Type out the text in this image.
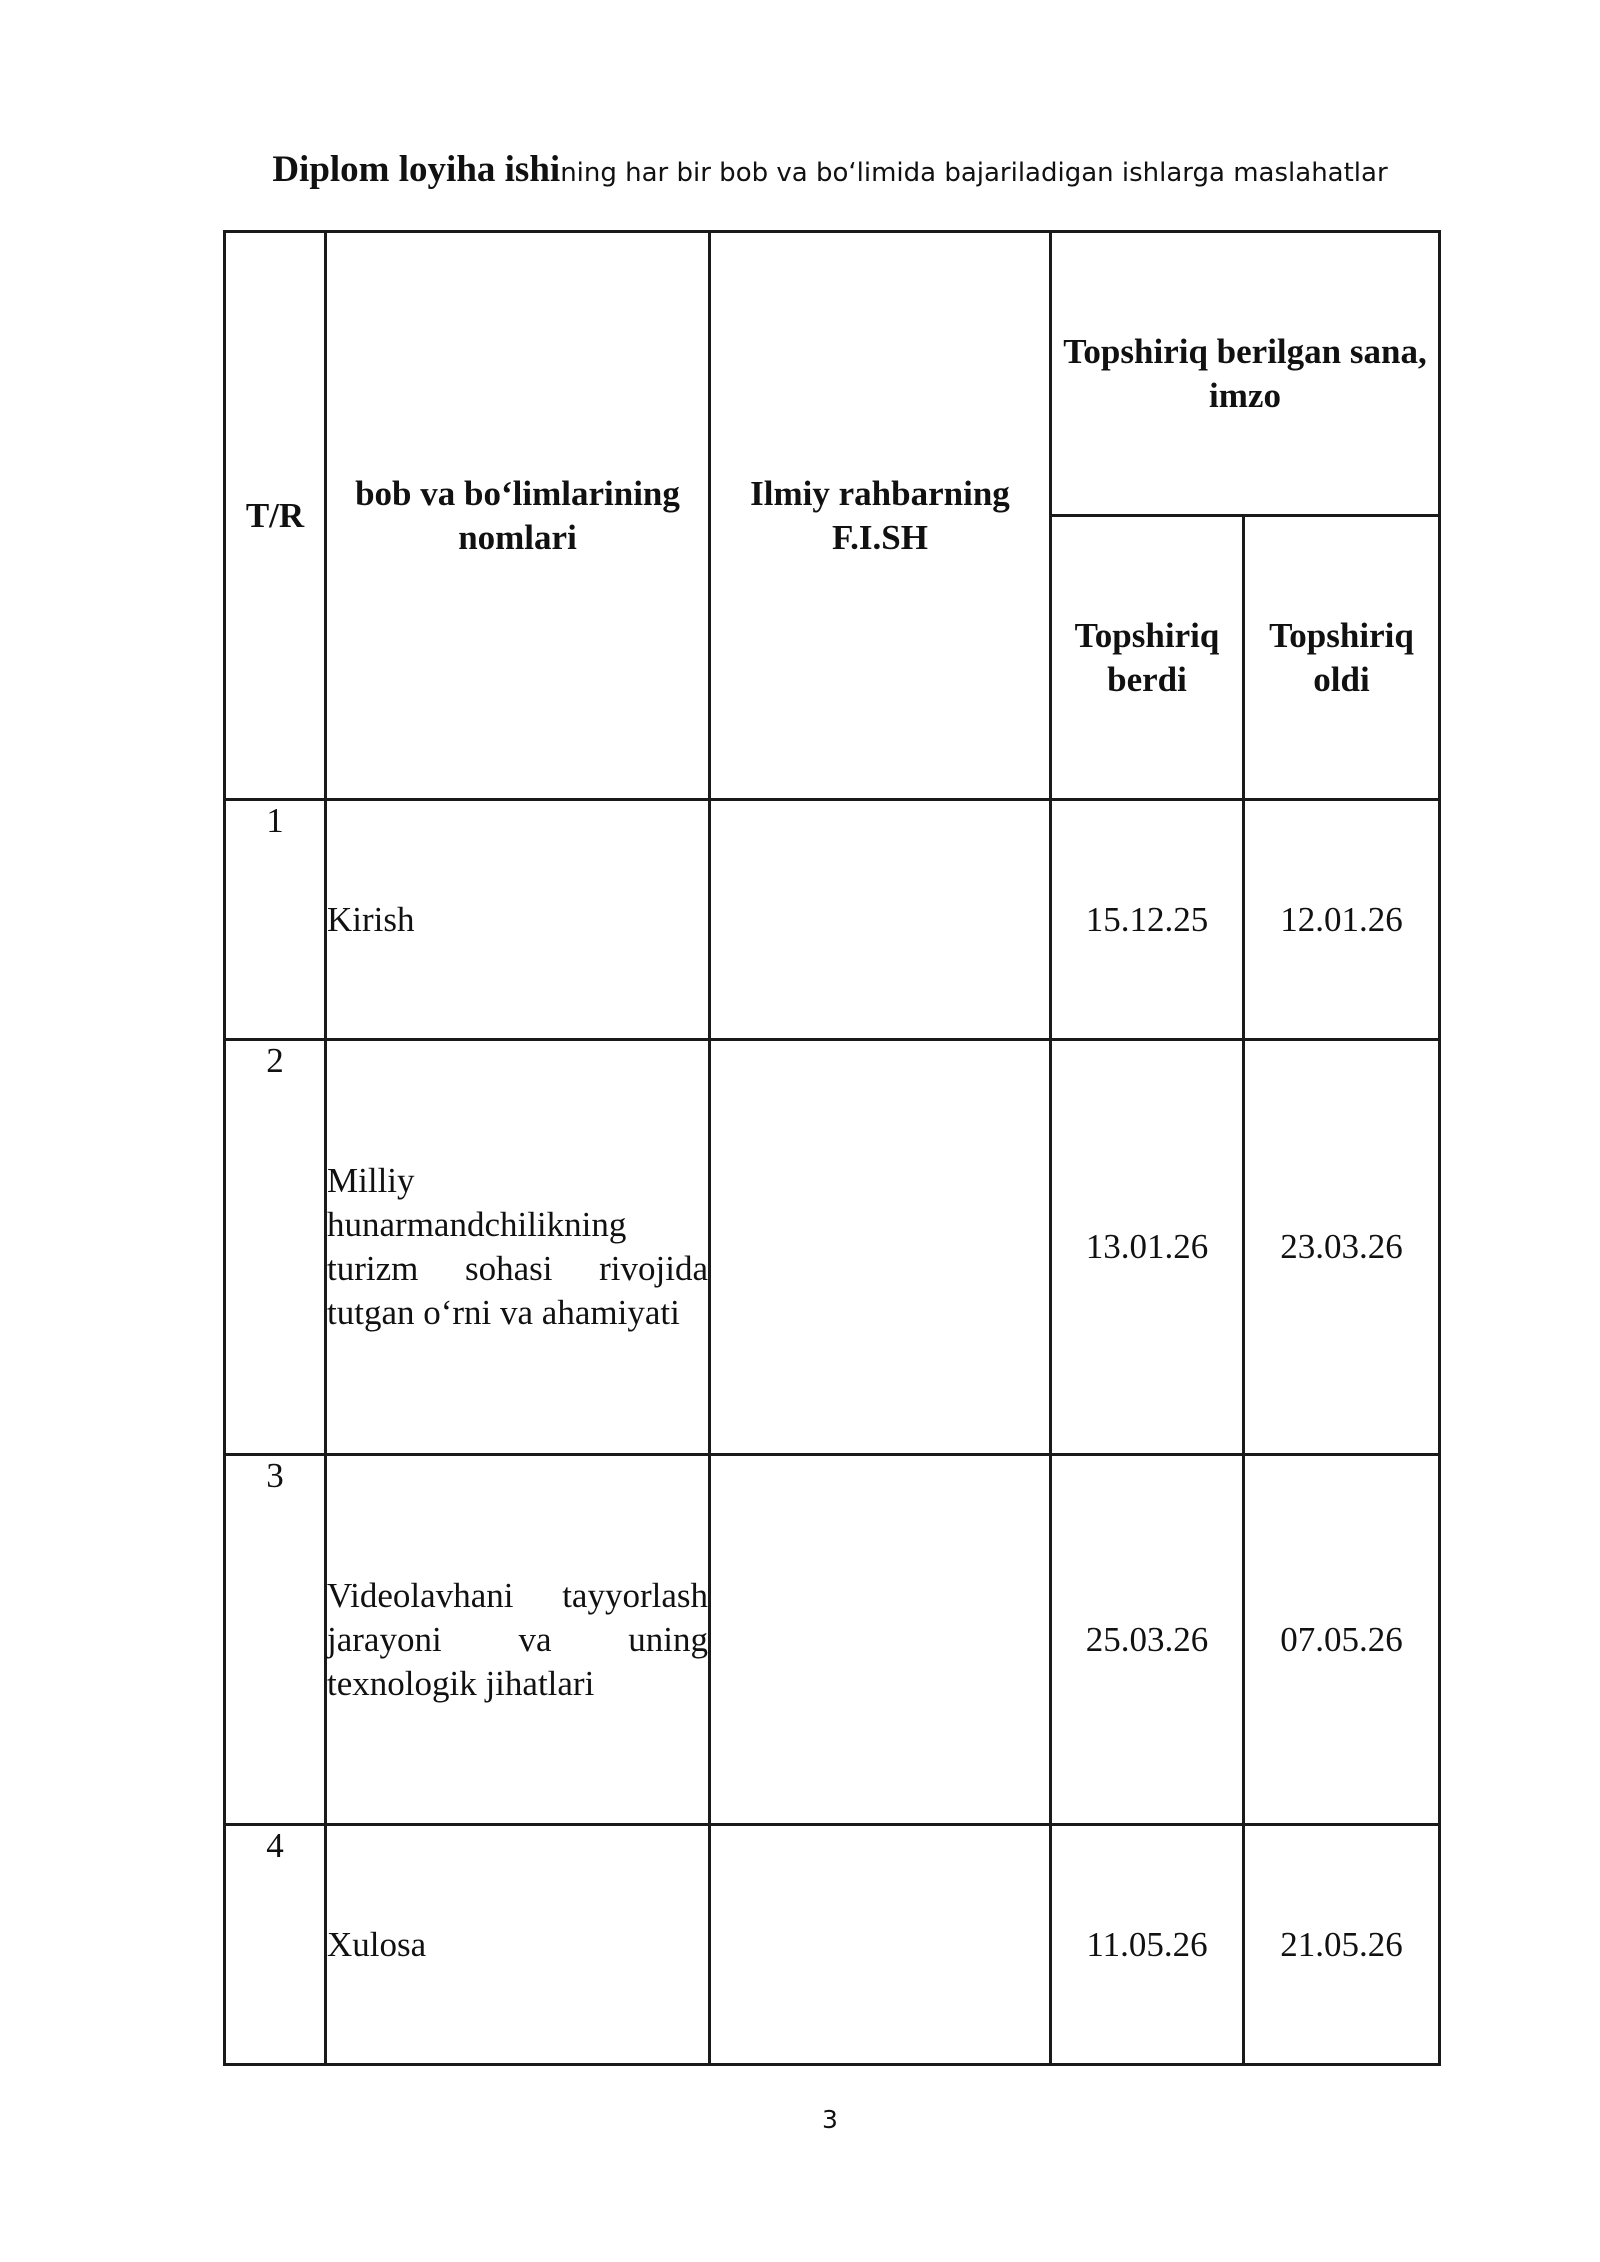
Diplom loyiha ishining har bir bob va bo‘limida bajariladigan ishlarga maslahatlar
T/R	bob va bo‘limlarining nomlari	Ilmiy rahbarning F.I.SH	Topshiriq berilgan sana, imzo	
			Topshiriq berdi	Topshiriq oldi
1	Kirish		15.12.25	12.01.26
2	Milliy hunarmandchilikning turizm sohasi rivojida tutgan o‘rni va ahamiyati		13.01.26	23.03.26
3	Videolavhani tayyorlash jarayoni va uning texnologik jihatlari		25.03.26	07.05.26
4	Xulosa		11.05.26	21.05.26
3
